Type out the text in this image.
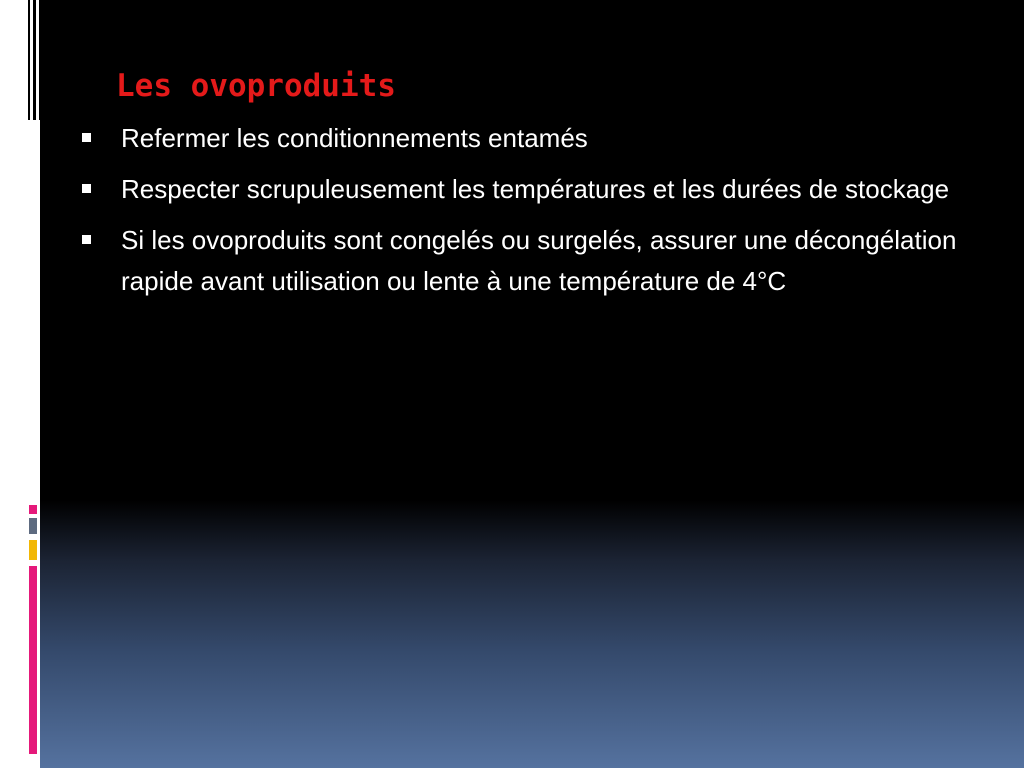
Les ovoproduits
Refermer les conditionnements entamés
Respecter scrupuleusement les températures et les durées de stockage
Si les ovoproduits sont congelés ou surgelés, assurer une décongélation rapide avant utilisation ou lente à une température de 4°C
